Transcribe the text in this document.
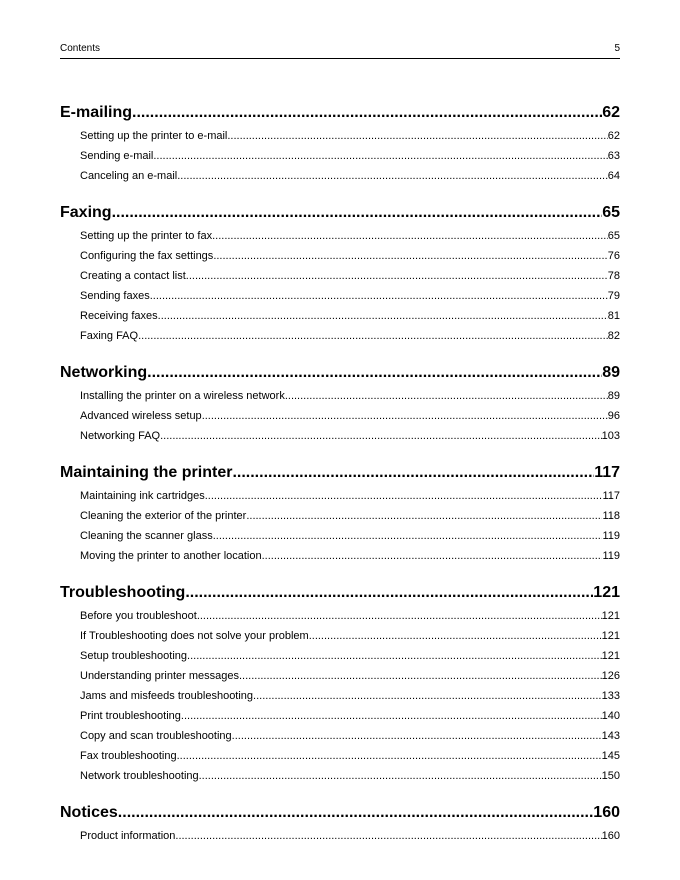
Contents	5
E-mailing .....	62
Setting up the printer to e-mail .....	62
Sending e-mail .....	63
Canceling an e-mail .....	64
Faxing .....	65
Setting up the printer to fax .....	65
Configuring the fax settings .....	76
Creating a contact list .....	78
Sending faxes .....	79
Receiving faxes .....	81
Faxing FAQ .....	82
Networking .....	89
Installing the printer on a wireless network .....	89
Advanced wireless setup .....	96
Networking FAQ .....	103
Maintaining the printer .....	117
Maintaining ink cartridges .....	117
Cleaning the exterior of the printer .....	118
Cleaning the scanner glass .....	119
Moving the printer to another location .....	119
Troubleshooting .....	121
Before you troubleshoot .....	121
If Troubleshooting does not solve your problem .....	121
Setup troubleshooting .....	121
Understanding printer messages .....	126
Jams and misfeeds troubleshooting .....	133
Print troubleshooting .....	140
Copy and scan troubleshooting .....	143
Fax troubleshooting .....	145
Network troubleshooting .....	150
Notices .....	160
Product information .....	160
